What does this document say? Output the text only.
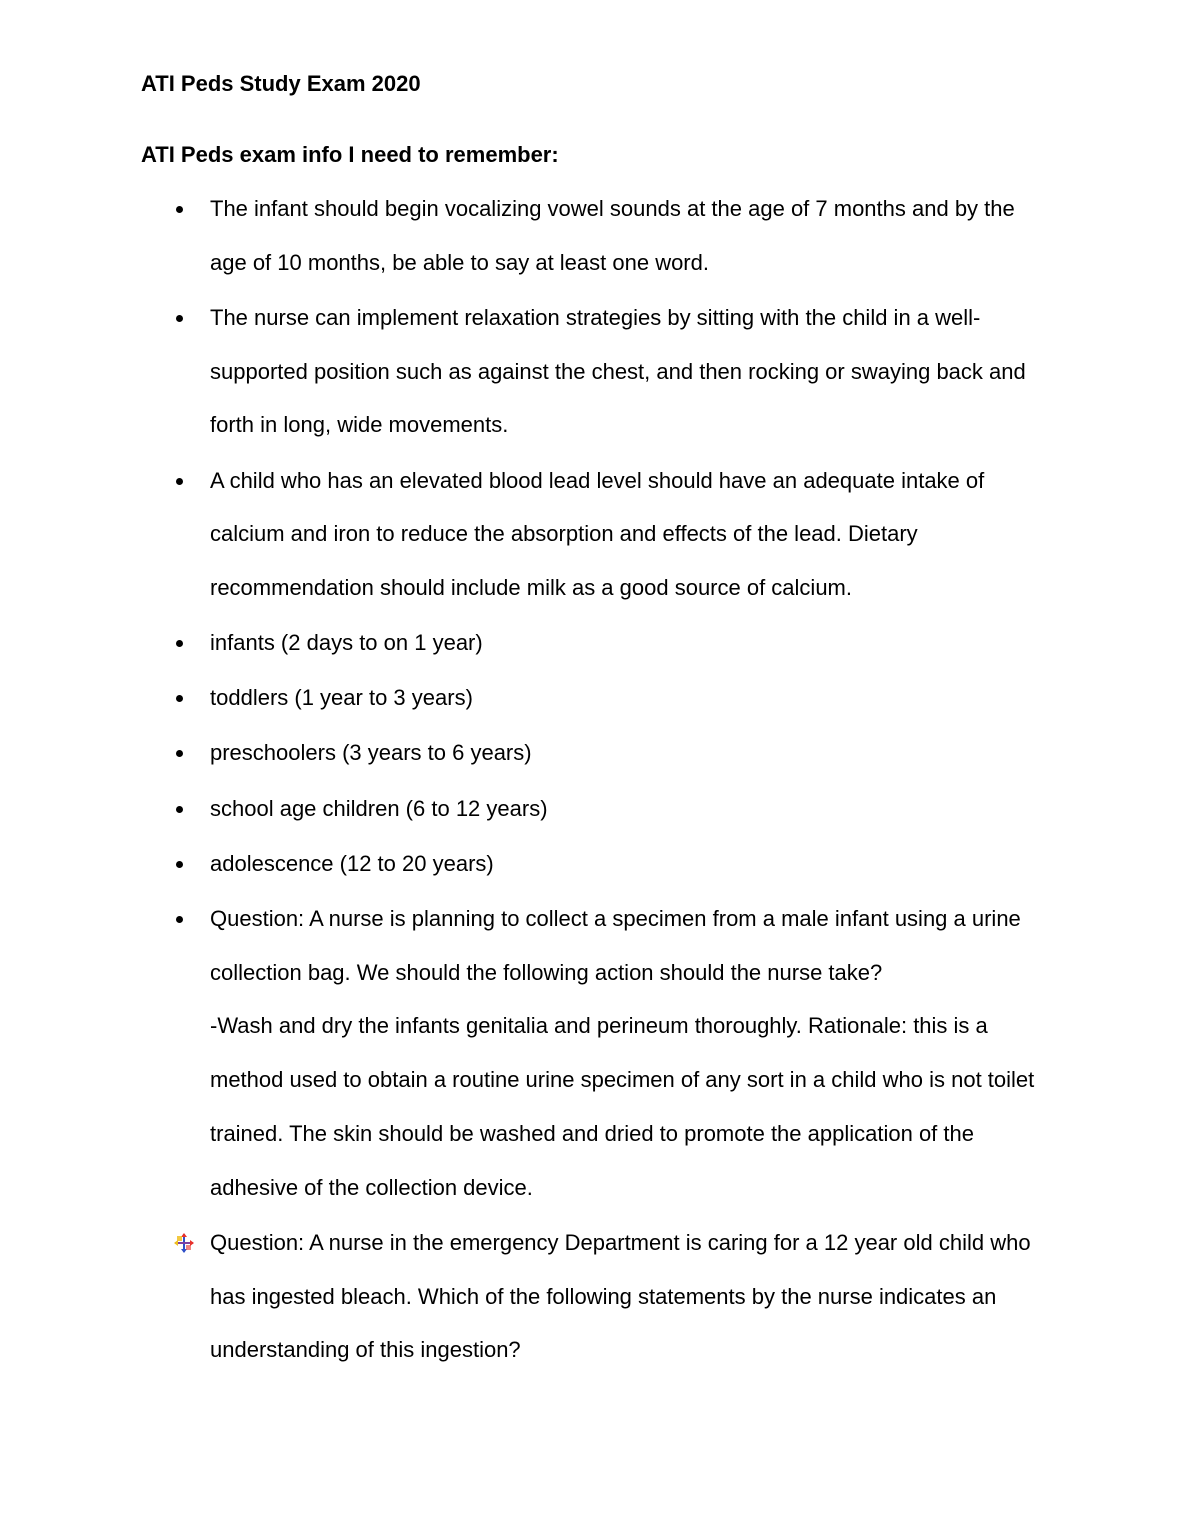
ATI Peds Study Exam 2020
ATI Peds exam info I need to remember:
The infant should begin vocalizing vowel sounds at the age of 7 months and by the age of 10 months, be able to say at least one word.
The nurse can implement relaxation strategies by sitting with the child in a well-supported position such as against the chest, and then rocking or swaying back and forth in long, wide movements.
A child who has an elevated blood lead level should have an adequate intake of calcium and iron to reduce the absorption and effects of the lead. Dietary recommendation should include milk as a good source of calcium.
infants (2 days to on 1 year)
toddlers (1 year to 3 years)
preschoolers (3 years to 6 years)
school age children (6 to 12 years)
adolescence (12 to 20 years)
Question: A nurse is planning to collect a specimen from a male infant using a urine collection bag. We should the following action should the nurse take?
-Wash and dry the infants genitalia and perineum thoroughly. Rationale: this is a method used to obtain a routine urine specimen of any sort in a child who is not toilet trained. The skin should be washed and dried to promote the application of the adhesive of the collection device.
Question: A nurse in the emergency Department is caring for a 12 year old child who has ingested bleach. Which of the following statements by the nurse indicates an understanding of this ingestion?
